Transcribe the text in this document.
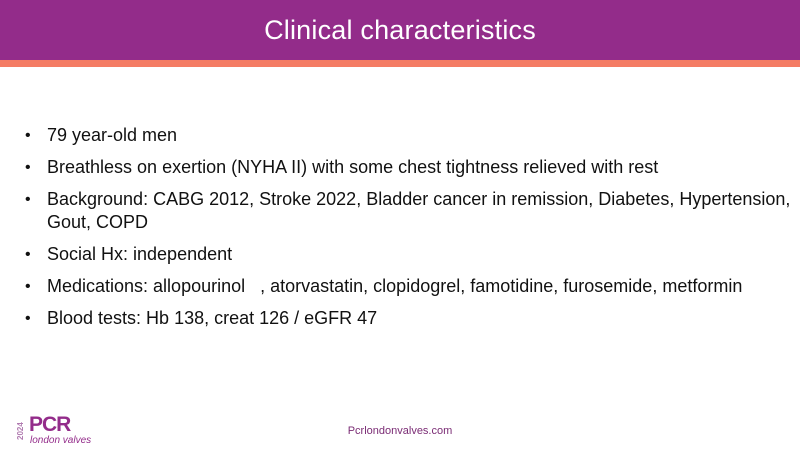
Clinical characteristics
• 79 year-old men
• Breathless on exertion (NYHA II) with some chest tightness relieved with rest
• Background: CABG 2012, Stroke 2022, Bladder cancer in remission, Diabetes, Hypertension, Gout, COPD
• Social Hx: independent
• Medications: allopourinol   , atorvastatin, clopidogrel, famotidine, furosemide, metformin
• Blood tests: Hb 138, creat 126 / eGFR 47
2024 PCR
london valves
Pcrlondonvalves.com
